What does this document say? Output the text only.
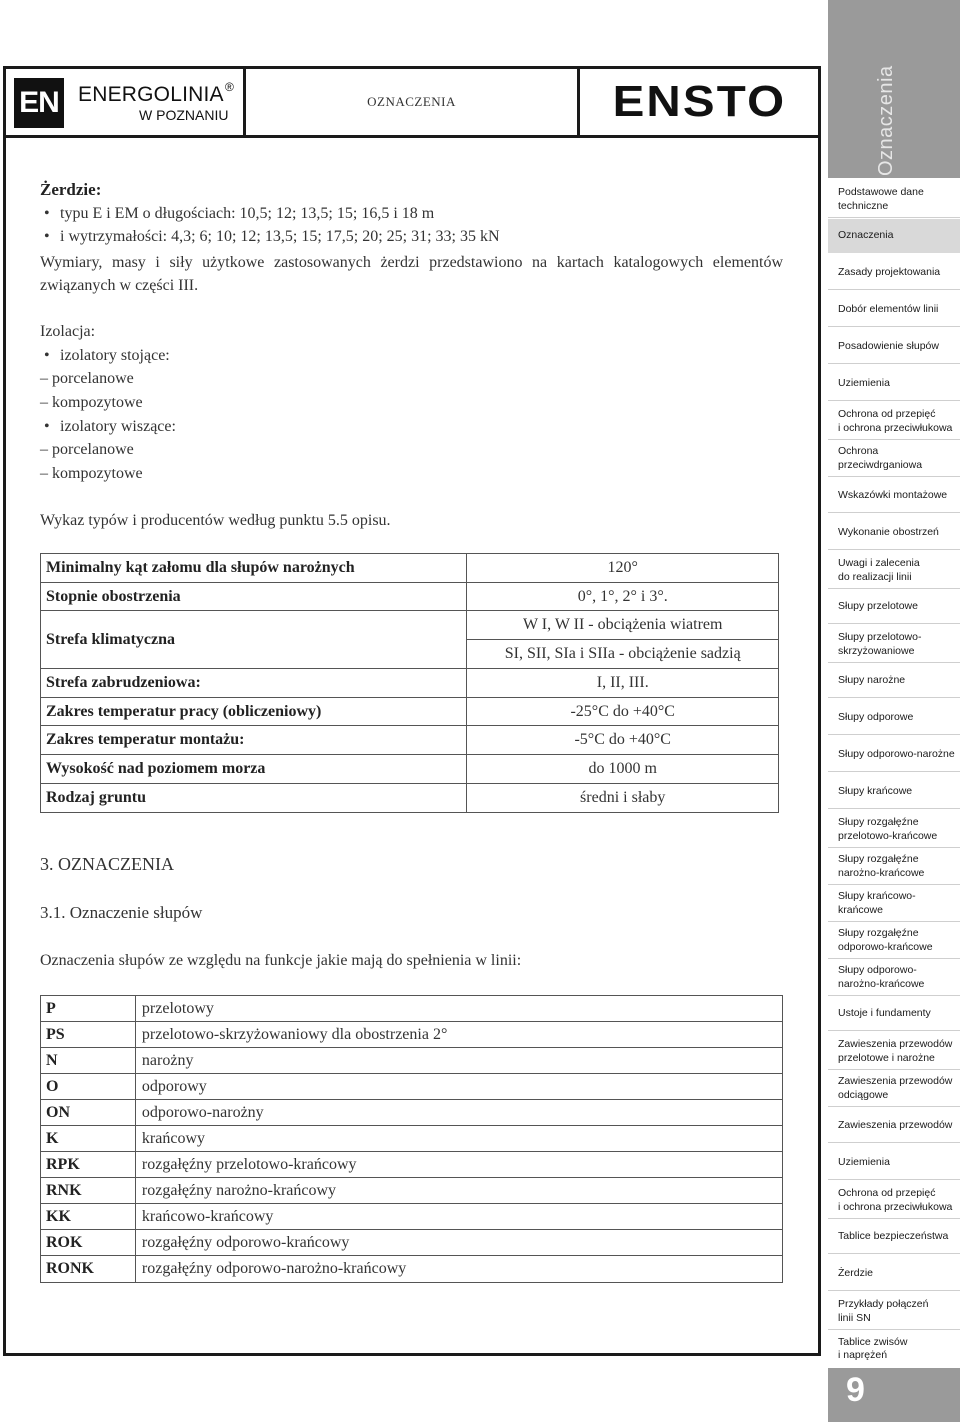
EN ENERGOLINIA ®
W POZNANIU
OZNACZENIA	ENSTO
Żerdzie:
• typu E i EM o długościach: 10,5; 12; 13,5; 15; 16,5 i 18 m
• i wytrzymałości: 4,3; 6; 10; 12; 13,5; 15; 17,5; 20; 25; 31; 33; 35 kN
Wymiary, masy i siły użytkowe zastosowanych żerdzi przedstawiono na kartach katalogowych elementów związanych w części III.
Izolacja:
• izolatory stojące:
– porcelanowe
– kompozytowe
• izolatory wiszące:
– porcelanowe
– kompozytowe
Wykaz typów i producentów według punktu 5.5 opisu.
Minimalny kąt załomu dla słupów narożnych	120°
Stopnie obostrzenia	0°, 1°, 2° i 3°.
Strefa klimatyczna	W I, W II - obciążenia wiatrem
	SI, SII, SIa i SIIa - obciążenie sadzią
Strefa zabrudzeniowa:	I, II, III.
Zakres temperatur pracy (obliczeniowy)	-25°C do +40°C
Zakres temperatur montażu:	-5°C do +40°C
Wysokość nad poziomem morza	do 1000 m
Rodzaj gruntu	średni i słaby
3. OZNACZENIA
3.1. Oznaczenie słupów
Oznaczenia słupów ze względu na funkcje jakie mają do spełnienia w linii:
P	przelotowy
PS	przelotowo-skrzyżowaniowy dla obostrzenia 2°
N	narożny
O	odporowy
ON	odporowo-narożny
K	krańcowy
RPK	rozgałęźny przelotowo-krańcowy
RNK	rozgałęźny narożno-krańcowy
KK	krańcowo-krańcowy
ROK	rozgałęźny odporowo-krańcowy
RONK	rozgałęźny odporowo-narożno-krańcowy
Oznaczenia
Podstawowe dane
techniczne
Oznaczenia
Zasady projektowania
Dobór elementów linii
Posadowienie słupów
Uziemienia
Ochrona od przepięć
i ochrona przeciwłukowa
Ochrona
przeciwdrganiowa
Wskazówki montażowe
Wykonanie obostrzeń
Uwagi i zalecenia
do realizacji linii
Słupy przelotowe
Słupy przelotowo-
skrzyżowaniowe
Słupy narożne
Słupy odporowe
Słupy odporowo-narożne
Słupy krańcowe
Słupy rozgałęźne
przelotowo-krańcowe
Słupy rozgałęźne
narożno-krańcowe
Słupy krańcowo-
krańcowe
Słupy rozgałęźne
odporowo-krańcowe
Słupy odporowo-
narożno-krańcowe
Ustoje i fundamenty
Zawieszenia przewodów
przelotowe i narożne
Zawieszenia przewodów
odciągowe
Zawieszenia przewodów
Uziemienia
Ochrona od przepięć
i ochrona przeciwłukowa
Tablice bezpieczeństwa
Żerdzie
Przykłady połączeń
linii SN
Tablice zwisów
i naprężeń
9
